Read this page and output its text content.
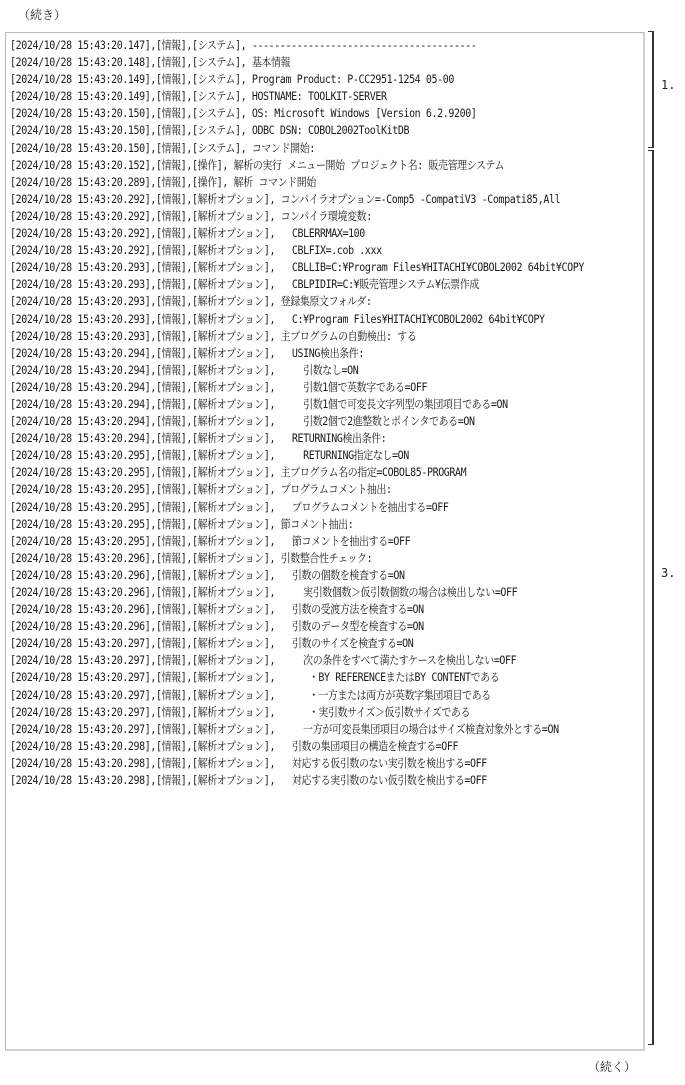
（続き）
[2024/10/28 15:43:20.147],[情報],[システム], ----------------------------------------
[2024/10/28 15:43:20.148],[情報],[システム], 基本情報
[2024/10/28 15:43:20.149],[情報],[システム], Program Product: P-CC2951-1254 05-00
[2024/10/28 15:43:20.149],[情報],[システム], HOSTNAME: TOOLKIT-SERVER
[2024/10/28 15:43:20.150],[情報],[システム], OS: Microsoft Windows [Version 6.2.9200]
[2024/10/28 15:43:20.150],[情報],[システム], ODBC DSN: COBOL2002ToolKitDB
[2024/10/28 15:43:20.150],[情報],[システム], コマンド開始:
[2024/10/28 15:43:20.152],[情報],[操作], 解析の実行 メニュー開始 プロジェクト名: 販売管理システム
[2024/10/28 15:43:20.289],[情報],[操作], 解析 コマンド開始
[2024/10/28 15:43:20.292],[情報],[解析オプション], コンパイラオプション=-Comp5 -CompatiV3 -Compati85,All
[2024/10/28 15:43:20.292],[情報],[解析オプション], コンパイラ環境変数:
[2024/10/28 15:43:20.292],[情報],[解析オプション],   CBLERRMAX=100
[2024/10/28 15:43:20.292],[情報],[解析オプション],   CBLFIX=.cob .xxx
[2024/10/28 15:43:20.293],[情報],[解析オプション],   CBLLIB=C:¥Program Files¥HITACHI¥COBOL2002 64bit¥COPY
[2024/10/28 15:43:20.293],[情報],[解析オプション],   CBLPIDIR=C:¥販売管理システム¥伝票作成
[2024/10/28 15:43:20.293],[情報],[解析オプション], 登録集原文フォルダ:
[2024/10/28 15:43:20.293],[情報],[解析オプション],   C:¥Program Files¥HITACHI¥COBOL2002 64bit¥COPY
[2024/10/28 15:43:20.293],[情報],[解析オプション], 主プログラムの自動検出: する
[2024/10/28 15:43:20.294],[情報],[解析オプション],   USING検出条件:
[2024/10/28 15:43:20.294],[情報],[解析オプション],     引数なし=ON
[2024/10/28 15:43:20.294],[情報],[解析オプション],     引数1個で英数字である=OFF
[2024/10/28 15:43:20.294],[情報],[解析オプション],     引数1個で可変長文字列型の集団項目である=ON
[2024/10/28 15:43:20.294],[情報],[解析オプション],     引数2個で2進整数とポインタである=ON
[2024/10/28 15:43:20.294],[情報],[解析オプション],   RETURNING検出条件:
[2024/10/28 15:43:20.295],[情報],[解析オプション],     RETURNING指定なし=ON
[2024/10/28 15:43:20.295],[情報],[解析オプション], 主プログラム名の指定=COBOL85-PROGRAM
[2024/10/28 15:43:20.295],[情報],[解析オプション], プログラムコメント抽出:
[2024/10/28 15:43:20.295],[情報],[解析オプション],   プログラムコメントを抽出する=OFF
[2024/10/28 15:43:20.295],[情報],[解析オプション], 節コメント抽出:
[2024/10/28 15:43:20.295],[情報],[解析オプション],   節コメントを抽出する=OFF
[2024/10/28 15:43:20.296],[情報],[解析オプション], 引数整合性チェック:
[2024/10/28 15:43:20.296],[情報],[解析オプション],   引数の個数を検査する=ON
[2024/10/28 15:43:20.296],[情報],[解析オプション],     実引数個数＞仮引数個数の場合は検出しない=OFF
[2024/10/28 15:43:20.296],[情報],[解析オプション],   引数の受渡方法を検査する=ON
[2024/10/28 15:43:20.296],[情報],[解析オプション],   引数のデータ型を検査する=ON
[2024/10/28 15:43:20.297],[情報],[解析オプション],   引数のサイズを検査する=ON
[2024/10/28 15:43:20.297],[情報],[解析オプション],     次の条件をすべて満たすケースを検出しない=OFF
[2024/10/28 15:43:20.297],[情報],[解析オプション],      ・BY REFERENCEまたはBY CONTENTである
[2024/10/28 15:43:20.297],[情報],[解析オプション],      ・一方または両方が英数字集団項目である
[2024/10/28 15:43:20.297],[情報],[解析オプション],      ・実引数サイズ＞仮引数サイズである
[2024/10/28 15:43:20.297],[情報],[解析オプション],     一方が可変長集団項目の場合はサイズ検査対象外とする=ON
[2024/10/28 15:43:20.298],[情報],[解析オプション],   引数の集団項目の構造を検査する=OFF
[2024/10/28 15:43:20.298],[情報],[解析オプション],   対応する仮引数のない実引数を検出する=OFF
[2024/10/28 15:43:20.298],[情報],[解析オプション],   対応する実引数のない仮引数を検出する=OFF
1.
3.
（続く）
